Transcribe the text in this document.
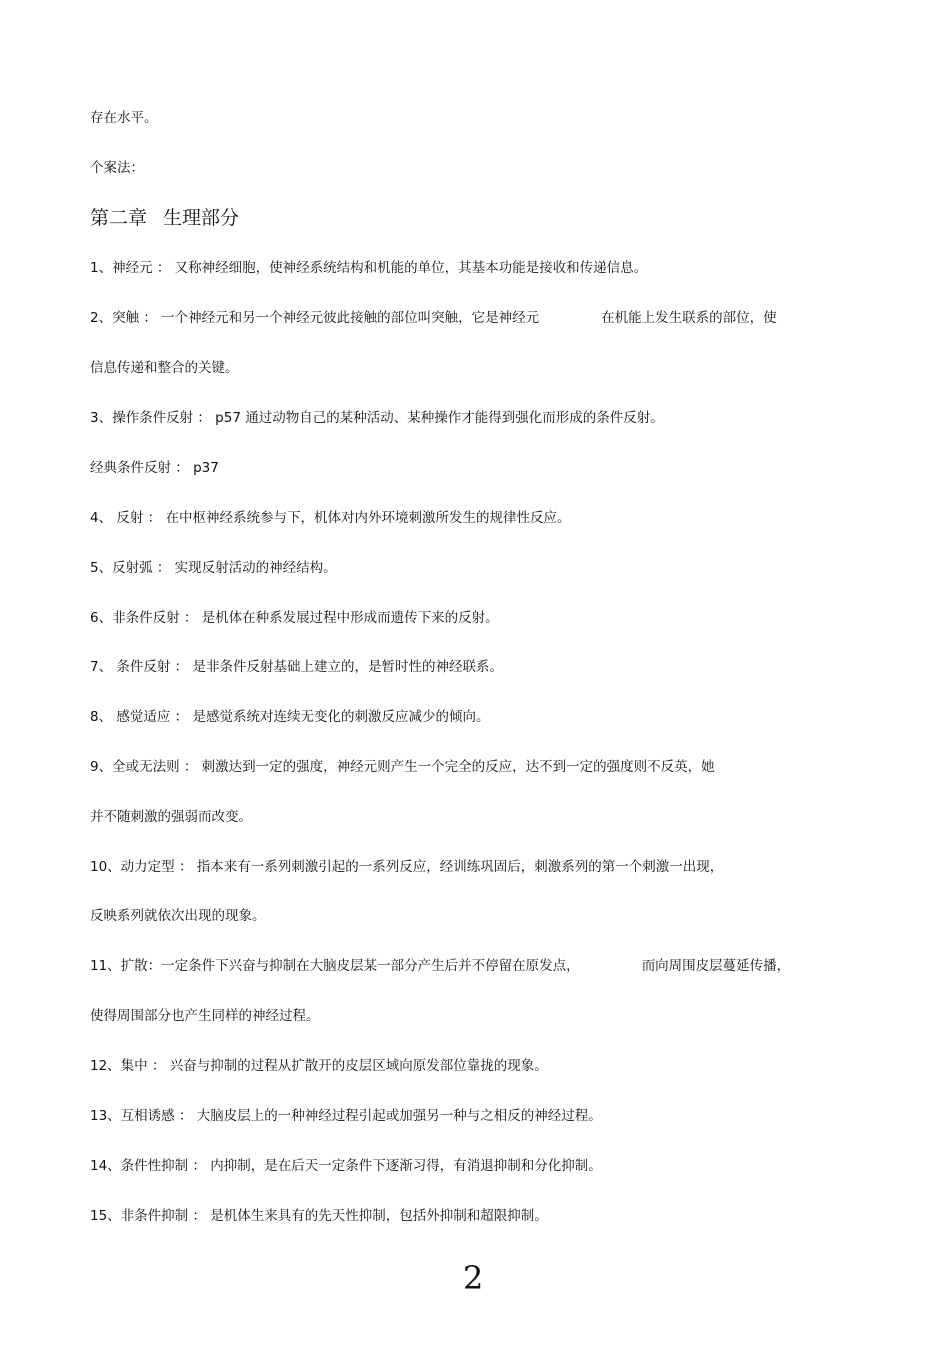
存在水平。
个案法：
第二章 生理部分
1、神经元 ： 又称神经细胞，使神经系统结构和机能的单位，其基本功能是接收和传递信息。
2、突触 ： 一个神经元和另一个神经元彼此接触的部位叫突触，它是神经元	在机能上发生联系的部位，使
信息传递和整合的关键。
3、操作条件反射 ： p57 通过动物自己的某种活动、某种操作才能得到强化而形成的条件反射。
经典条件反射 ： p37
4、 反射 ： 在中枢神经系统参与下，机体对内外环境刺激所发生的规律性反应。
5、反射弧 ： 实现反射活动的神经结构。
6、非条件反射 ： 是机体在种系发展过程中形成而遗传下来的反射。
7、 条件反射 ： 是非条件反射基础上建立的，是暂时性的神经联系。
8、 感觉适应 ： 是感觉系统对连续无变化的刺激反应减少的倾向。
9、全或无法则 ： 刺激达到一定的强度，神经元则产生一个完全的反应，达不到一定的强度则不反英，她
并不随刺激的强弱而改变。
10、动力定型 ： 指本来有一系列刺激引起的一系列反应，经训练巩固后，刺激系列的第一个刺激一出现，
反映系列就依次出现的现象。
11、扩散：一定条件下兴奋与抑制在大脑皮层某一部分产生后并不停留在原发点，	而向周围皮层蔓延传播，
使得周围部分也产生同样的神经过程。
12、集中 ： 兴奋与抑制的过程从扩散开的皮层区域向原发部位靠拢的现象。
13、互相诱感 ： 大脑皮层上的一种神经过程引起或加强另一种与之相反的神经过程。
14、条件性抑制 ： 内抑制，是在后天一定条件下逐渐习得，有消退抑制和分化抑制。
15、非条件抑制 ： 是机体生来具有的先天性抑制，包括外抑制和超限抑制。
2
